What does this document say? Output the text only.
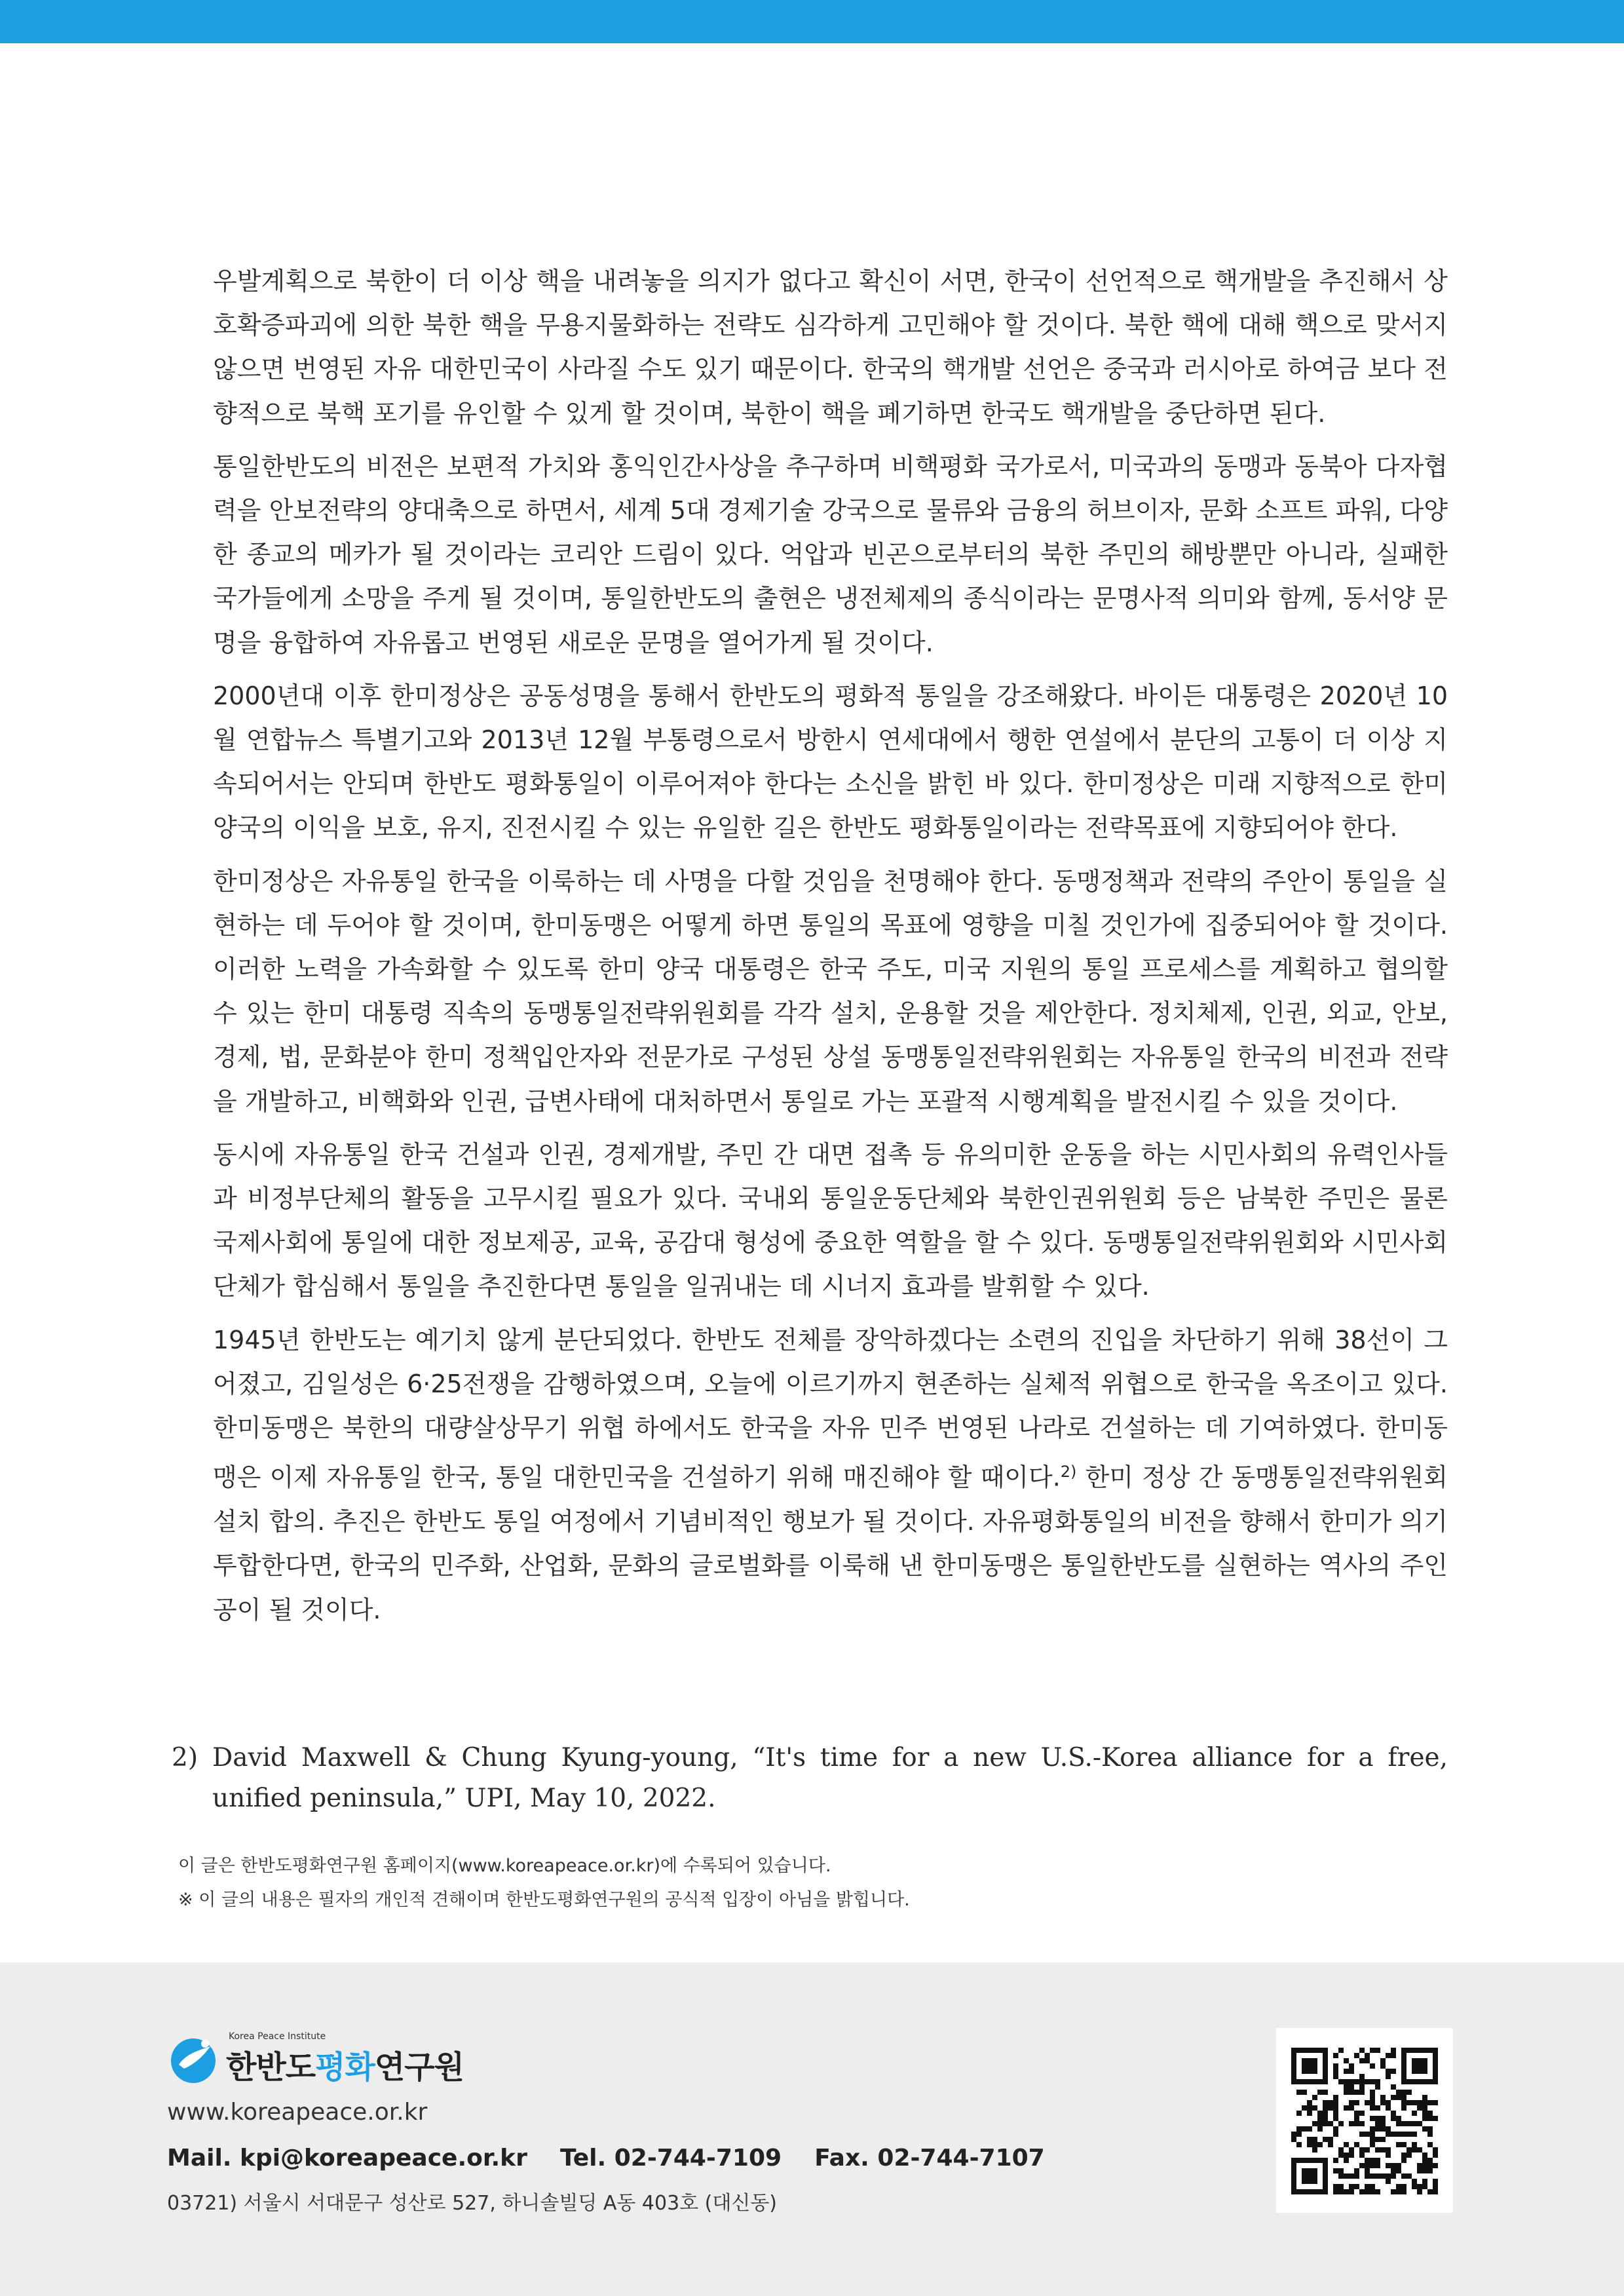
우발계획으로 북한이 더 이상 핵을 내려놓을 의지가 없다고 확신이 서면, 한국이 선언적으로 핵개발을 추진해서 상호확증파괴에 의한 북한 핵을 무용지물화하는 전략도 심각하게 고민해야 할 것이다. 북한 핵에 대해 핵으로 맞서지 않으면 번영된 자유 대한민국이 사라질 수도 있기 때문이다. 한국의 핵개발 선언은 중국과 러시아로 하여금 보다 전향적으로 북핵 포기를 유인할 수 있게 할 것이며, 북한이 핵을 폐기하면 한국도 핵개발을 중단하면 된다.

통일한반도의 비전은 보편적 가치와 홍익인간사상을 추구하며 비핵평화 국가로서, 미국과의 동맹과 동북아 다자협력을 안보전략의 양대축으로 하면서, 세계 5대 경제기술 강국으로 물류와 금융의 허브이자, 문화 소프트 파워, 다양한 종교의 메카가 될 것이라는 코리안 드림이 있다. 억압과 빈곤으로부터의 북한 주민의 해방뿐만 아니라, 실패한 국가들에게 소망을 주게 될 것이며, 통일한반도의 출현은 냉전체제의 종식이라는 문명사적 의미와 함께, 동서양 문명을 융합하여 자유롭고 번영된 새로운 문명을 열어가게 될 것이다.

2000년대 이후 한미정상은 공동성명을 통해서 한반도의 평화적 통일을 강조해왔다. 바이든 대통령은 2020년 10월 연합뉴스 특별기고와 2013년 12월 부통령으로서 방한시 연세대에서 행한 연설에서 분단의 고통이 더 이상 지속되어서는 안되며 한반도 평화통일이 이루어져야 한다는 소신을 밝힌 바 있다. 한미정상은 미래 지향적으로 한미양국의 이익을 보호, 유지, 진전시킬 수 있는 유일한 길은 한반도 평화통일이라는 전략목표에 지향되어야 한다.

한미정상은 자유통일 한국을 이룩하는 데 사명을 다할 것임을 천명해야 한다. 동맹정책과 전략의 주안이 통일을 실현하는 데 두어야 할 것이며, 한미동맹은 어떻게 하면 통일의 목표에 영향을 미칠 것인가에 집중되어야 할 것이다. 이러한 노력을 가속화할 수 있도록 한미 양국 대통령은 한국 주도, 미국 지원의 통일 프로세스를 계획하고 협의할 수 있는 한미 대통령 직속의 동맹통일전략위원회를 각각 설치, 운용할 것을 제안한다. 정치체제, 인권, 외교, 안보, 경제, 법, 문화분야 한미 정책입안자와 전문가로 구성된 상설 동맹통일전략위원회는 자유통일 한국의 비전과 전략을 개발하고, 비핵화와 인권, 급변사태에 대처하면서 통일로 가는 포괄적 시행계획을 발전시킬 수 있을 것이다.

동시에 자유통일 한국 건설과 인권, 경제개발, 주민 간 대면 접촉 등 유의미한 운동을 하는 시민사회의 유력인사들과 비정부단체의 활동을 고무시킬 필요가 있다. 국내외 통일운동단체와 북한인권위원회 등은 남북한 주민은 물론 국제사회에 통일에 대한 정보제공, 교육, 공감대 형성에 중요한 역할을 할 수 있다. 동맹통일전략위원회와 시민사회단체가 합심해서 통일을 추진한다면 통일을 일궈내는 데 시너지 효과를 발휘할 수 있다.

1945년 한반도는 예기치 않게 분단되었다. 한반도 전체를 장악하겠다는 소련의 진입을 차단하기 위해 38선이 그어졌고, 김일성은 6·25전쟁을 감행하였으며, 오늘에 이르기까지 현존하는 실체적 위협으로 한국을 옥조이고 있다. 한미동맹은 북한의 대량살상무기 위협 하에서도 한국을 자유 민주 번영된 나라로 건설하는 데 기여하였다. 한미동맹은 이제 자유통일 한국, 통일 대한민국을 건설하기 위해 매진해야 할 때이다.$^{2)}$ 한미 정상 간 동맹통일전략위원회 설치 합의. 추진은 한반도 통일 여정에서 기념비적인 행보가 될 것이다. 자유평화통일의 비전을 향해서 한미가 의기투합한다면, 한국의 민주화, 산업화, 문화의 글로벌화를 이룩해 낸 한미동맹은 통일한반도를 실현하는 역사의 주인공이 될 것이다.

2) David Maxwell & Chung Kyung-young, “It's time for a new U.S.-Korea alliance for a free, unified peninsula,” UPI, May 10, 2022.
이 글은 한반도평화연구원 홈페이지(www.koreapeace.or.kr)에 수록되어 있습니다.
※ 이 글의 내용은 필자의 개인적 견해이며 한반도평화연구원의 공식적 입장이 아님을 밝힙니다.
Korea Peace Institute
한반도평화연구원
www.koreapeace.or.kr
Mail. kpi@koreapeace.or.kr    Tel. 02-744-7109    Fax. 02-744-7107
03721) 서울시 서대문구 성산로 527, 하니솔빌딩 A동 403호 (대신동)
